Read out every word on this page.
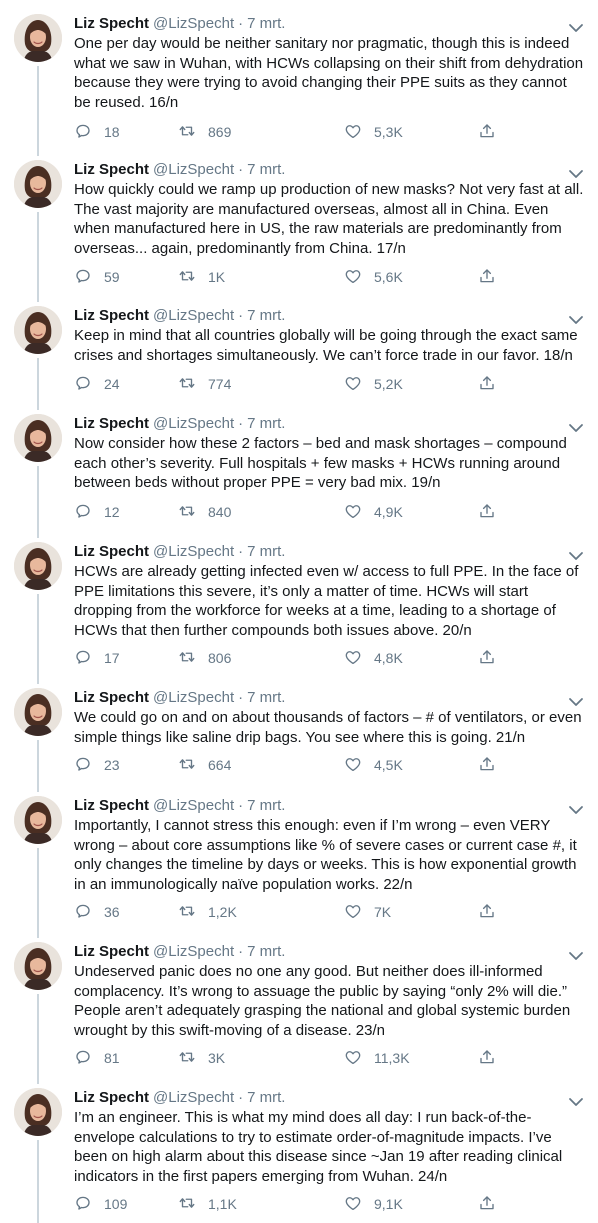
Liz Specht @LizSpecht · 7 mrt.
One per day would be neither sanitary nor pragmatic, though this is indeed what we saw in Wuhan, with HCWs collapsing on their shift from dehydration because they were trying to avoid changing their PPE suits as they cannot be reused. 16/n
18	869	5,3K
Liz Specht @LizSpecht · 7 mrt.
How quickly could we ramp up production of new masks? Not very fast at all. The vast majority are manufactured overseas, almost all in China. Even when manufactured here in US, the raw materials are predominantly from overseas... again, predominantly from China. 17/n
59	1K	5,6K
Liz Specht @LizSpecht · 7 mrt.
Keep in mind that all countries globally will be going through the exact same crises and shortages simultaneously. We can’t force trade in our favor. 18/n
24	774	5,2K
Liz Specht @LizSpecht · 7 mrt.
Now consider how these 2 factors – bed and mask shortages – compound each other’s severity. Full hospitals + few masks + HCWs running around between beds without proper PPE = very bad mix. 19/n
12	840	4,9K
Liz Specht @LizSpecht · 7 mrt.
HCWs are already getting infected even w/ access to full PPE. In the face of PPE limitations this severe, it’s only a matter of time. HCWs will start dropping from the workforce for weeks at a time, leading to a shortage of HCWs that then further compounds both issues above. 20/n
17	806	4,8K
Liz Specht @LizSpecht · 7 mrt.
We could go on and on about thousands of factors – # of ventilators, or even simple things like saline drip bags. You see where this is going. 21/n
23	664	4,5K
Liz Specht @LizSpecht · 7 mrt.
Importantly, I cannot stress this enough: even if I’m wrong – even VERY wrong – about core assumptions like % of severe cases or current case #, it only changes the timeline by days or weeks. This is how exponential growth in an immunologically naïve population works. 22/n
36	1,2K	7K
Liz Specht @LizSpecht · 7 mrt.
Undeserved panic does no one any good. But neither does ill-informed complacency. It’s wrong to assuage the public by saying “only 2% will die.” People aren’t adequately grasping the national and global systemic burden wrought by this swift-moving of a disease. 23/n
81	3K	11,3K
Liz Specht @LizSpecht · 7 mrt.
I’m an engineer. This is what my mind does all day: I run back-of-the-envelope calculations to try to estimate order-of-magnitude impacts. I’ve been on high alarm about this disease since ~Jan 19 after reading clinical indicators in the first papers emerging from Wuhan. 24/n
109	1,1K	9,1K
